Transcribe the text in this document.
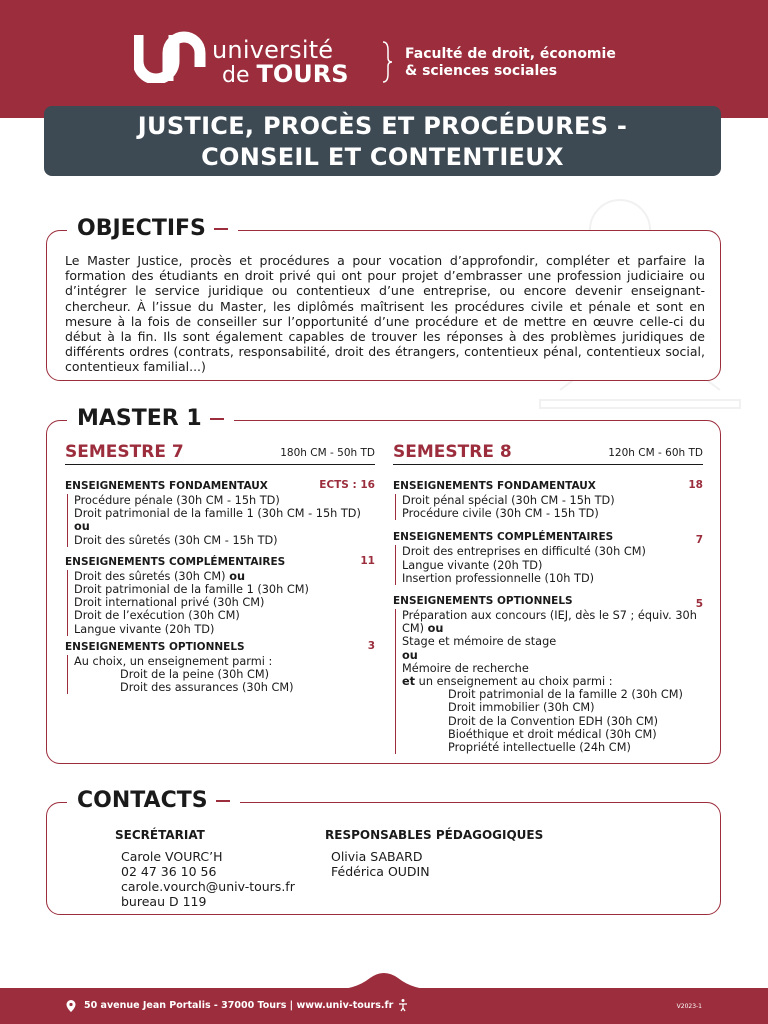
université
de TOURS
Faculté de droit, économie
& sciences sociales
JUSTICE, PROCÈS ET PROCÉDURES -
CONSEIL ET CONTENTIEUX
OBJECTIFS
Le Master Justice, procès et procédures a pour vocation d’approfondir, compléter et parfaire la formation des étudiants en droit privé qui ont pour projet d’embrasser une profession judiciaire ou d’intégrer le service juridique ou contentieux d’une entreprise, ou encore devenir enseignant-chercheur. À l’issue du Master, les diplômés maîtrisent les procédures civile et pénale et sont en mesure à la fois de conseiller sur l’opportunité d’une procédure et de mettre en œuvre celle-ci du début à la fin. Ils sont également capables de trouver les réponses à des problèmes juridiques de différents ordres (contrats, responsabilité, droit des étrangers, contentieux pénal, contentieux social, contentieux familial...)
MASTER 1
SEMESTRE 7	180h CM - 50h TD
ENSEIGNEMENTS FONDAMENTAUX	ECTS : 16
Procédure pénale (30h CM - 15h TD)
Droit patrimonial de la famille 1 (30h CM - 15h TD) ou
Droit des sûretés (30h CM - 15h TD)
ENSEIGNEMENTS COMPLÉMENTAIRES	11
Droit des sûretés (30h CM) ou
Droit patrimonial de la famille 1 (30h CM)
Droit international privé (30h CM)
Droit de l’exécution (30h CM)
Langue vivante (20h TD)
ENSEIGNEMENTS OPTIONNELS	3
Au choix, un enseignement parmi :
Droit de la peine (30h CM)
Droit des assurances (30h CM)
SEMESTRE 8	120h CM - 60h TD
ENSEIGNEMENTS FONDAMENTAUX	18
Droit pénal spécial (30h CM - 15h TD)
Procédure civile (30h CM - 15h TD)
ENSEIGNEMENTS COMPLÉMENTAIRES	7
Droit des entreprises en difficulté (30h CM)
Langue vivante (20h TD)
Insertion professionnelle (10h TD)
ENSEIGNEMENTS OPTIONNELS	5
Préparation aux concours (IEJ, dès le S7 ; équiv. 30h
CM) ou
Stage et mémoire de stage
ou
Mémoire de recherche
et un enseignement au choix parmi :
Droit patrimonial de la famille 2 (30h CM)
Droit immobilier (30h CM)
Droit de la Convention EDH (30h CM)
Bioéthique et droit médical (30h CM)
Propriété intellectuelle (24h CM)
CONTACTS
SECRÉTARIAT
Carole VOURC’H
02 47 36 10 56
carole.vourch@univ-tours.fr
bureau D 119
RESPONSABLES PÉDAGOGIQUES
Olivia SABARD
Fédérica OUDIN
50 avenue Jean Portalis - 37000 Tours | www.univ-tours.fr	V2023-1
